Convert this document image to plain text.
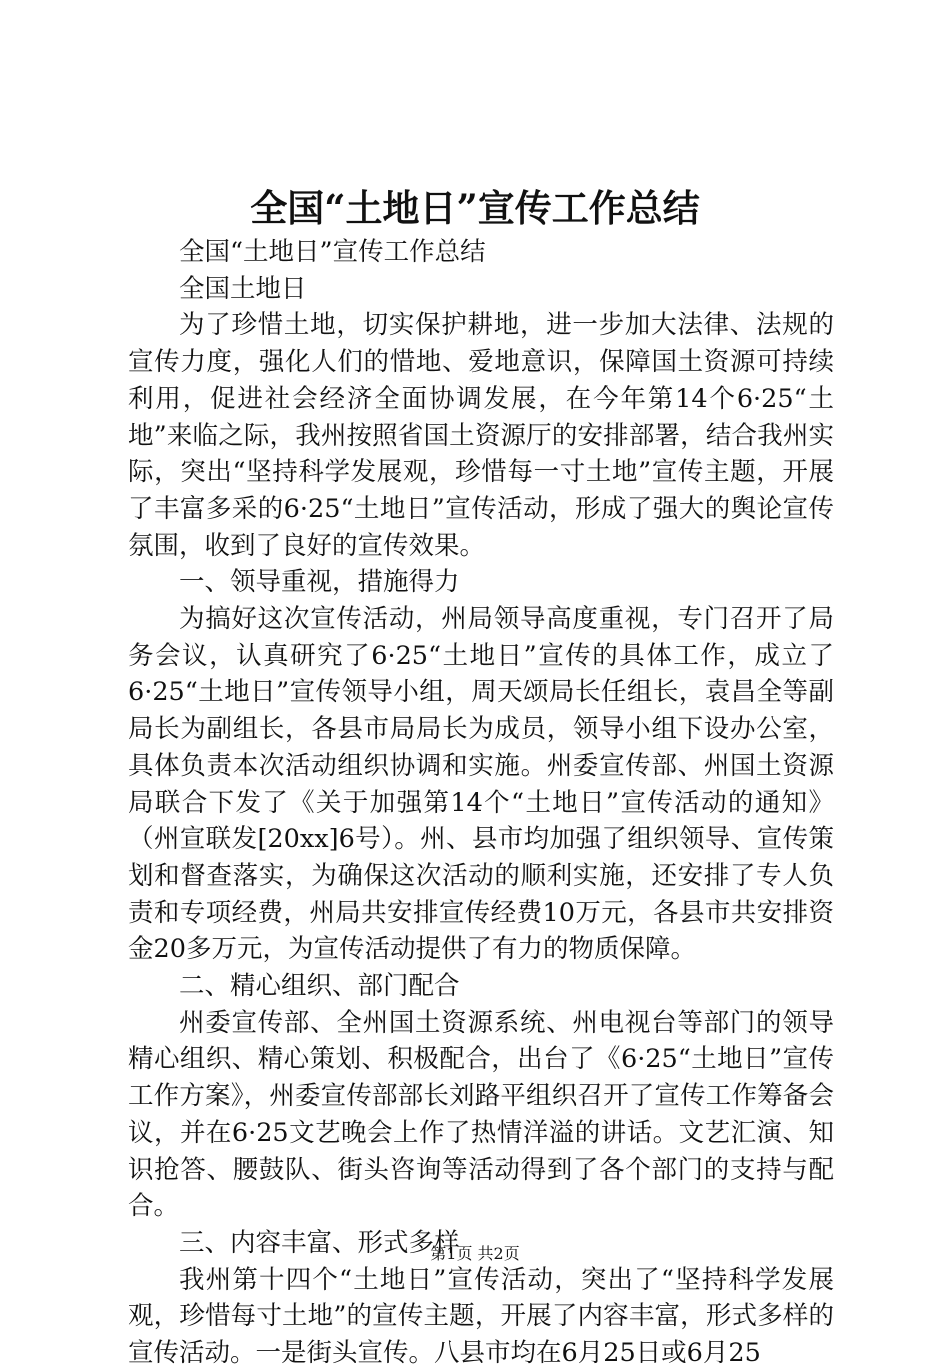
全国“土地日”宣传工作总结

全国“土地日”宣传工作总结

全国土地日

为了珍惜土地，切实保护耕地，进一步加大法律、法规的宣传力度，强化人们的惜地、爱地意识，保障国土资源可持续利用，促进社会经济全面协调发展，在今年第14个6·25“土地”来临之际，我州按照省国土资源厅的安排部署，结合我州实际，突出“坚持科学发展观，珍惜每一寸土地”宣传主题，开展了丰富多采的6·25“土地日”宣传活动，形成了强大的舆论宣传氛围，收到了良好的宣传效果。

一、领导重视，措施得力

为搞好这次宣传活动，州局领导高度重视，专门召开了局务会议，认真研究了6·25“土地日”宣传的具体工作，成立了6·25“土地日”宣传领导小组，周天颂局长任组长，袁昌全等副局长为副组长，各县市局局长为成员，领导小组下设办公室，具体负责本次活动组织协调和实施。州委宣传部、州国土资源局联合下发了《关于加强第14个“土地日”宣传活动的通知》（州宣联发[20xx]6号）。州、县市均加强了组织领导、宣传策划和督查落实，为确保这次活动的顺利实施，还安排了专人负责和专项经费，州局共安排宣传经费10万元，各县市共安排资金20多万元，为宣传活动提供了有力的物质保障。

二、精心组织、部门配合

州委宣传部、全州国土资源系统、州电视台等部门的领导精心组织、精心策划、积极配合，出台了《6·25“土地日”宣传工作方案》，州委宣传部部长刘路平组织召开了宣传工作筹备会议，并在6·25文艺晚会上作了热情洋溢的讲话。文艺汇演、知识抢答、腰鼓队、街头咨询等活动得到了各个部门的支持与配合。

三、内容丰富、形式多样

我州第十四个“土地日”宣传活动，突出了“坚持科学发展观，珍惜每寸土地”的宣传主题，开展了内容丰富，形式多样的宣传活动。一是街头宣传。八县市均在6月25日或6月25

第1页 共2页
